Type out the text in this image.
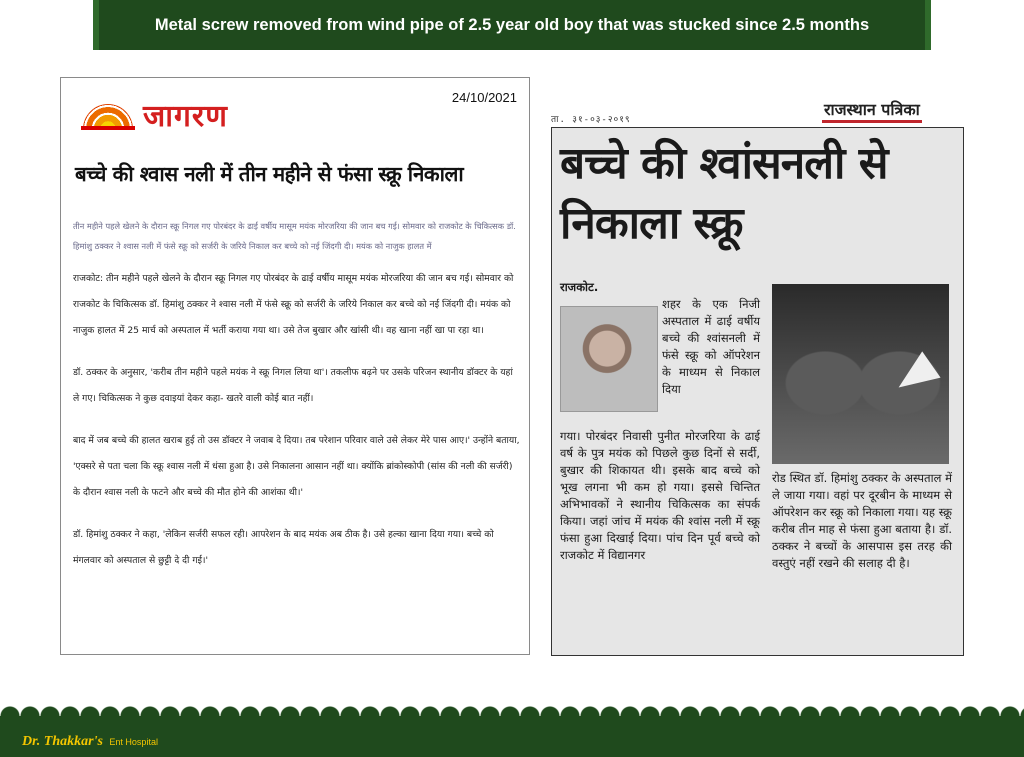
Metal screw removed from wind pipe of 2.5 year old boy that was stucked since 2.5 months
जागरण
24/10/2021
बच्चे की श्वास नली में तीन महीने से फंसा स्क्रू निकाला
तीन महीने पहले खेलने के दौरान स्क्रू निगल गए पोरबंदर के ढाई वर्षीय मासूम मयंक मोरजरिया की जान बच गई। सोमवार को राजकोट के चिकित्सक डॉ. हिमांशु ठक्कर ने श्वास नली में फंसे स्क्रू को सर्जरी के जरिये निकाल कर बच्चे को नई जिंदगी दी। मयंक को नाजुक हालत में

राजकोट: तीन महीने पहले खेलने के दौरान स्क्रू निगल गए पोरबंदर के ढाई वर्षीय मासूम मयंक मोरजरिया की जान बच गई। सोमवार को राजकोट के चिकित्सक डॉ. हिमांशु ठक्कर ने श्वास नली में फंसे स्क्रू को सर्जरी के जरिये निकाल कर बच्चे को नई जिंदगी दी। मयंक को नाजुक हालत में 25 मार्च को अस्पताल में भर्ती कराया गया था। उसे तेज बुखार और खांसी थी। वह खाना नहीं खा पा रहा था।

डॉ. ठक्कर के अनुसार, 'करीब तीन महीने पहले मयंक ने स्क्रू निगल लिया था'। तकलीफ बढ़ने पर उसके परिजन स्थानीय डॉक्टर के यहां ले गए। चिकित्सक ने कुछ दवाइयां देकर कहा- खतरे वाली कोई बात नहीं।

बाद में जब बच्चे की हालत खराब हुई तो उस डॉक्टर ने जवाब दे दिया। तब परेशान परिवार वाले उसे लेकर मेरे पास आए।' उन्होंने बताया, 'एक्सरे से पता चला कि स्क्रू श्वास नली में धंसा हुआ है। उसे निकालना आसान नहीं था। क्योंकि ब्रांकोस्कोपी (सांस की नली की सर्जरी) के दौरान श्वास नली के फटने और बच्चे की मौत होने की आशंका थी।'

डॉ. हिमांशु ठक्कर ने कहा, 'लेकिन सर्जरी सफल रही। आपरेशन के बाद मयंक अब ठीक है। उसे हल्का खाना दिया गया। बच्चे को मंगलवार को अस्पताल से छुट्टी दे दी गई।'

राजस्थान पत्रिका
ता. ३१-०३-२०१९
बच्चे की श्वांसनली से निकाला स्क्रू
राजकोट.
शहर के एक निजी अस्पताल में ढाई वर्षीय बच्चे की श्वांसनली में फंसे स्क्रू को ऑपरेशन के माध्यम से निकाल दिया
गया। पोरबंदर निवासी पुनीत मोरजरिया के ढाई वर्ष के पुत्र मयंक को पिछले कुछ दिनों से सर्दी, बुखार की शिकायत थी। इसके बाद बच्चे को भूख लगना भी कम हो गया। इससे चिन्तित अभिभावकों ने स्थानीय चिकित्सक का संपर्क किया। जहां जांच में मयंक की श्वांस नली में स्क्रू फंसा हुआ दिखाई दिया। पांच दिन पूर्व बच्चे को राजकोट में विद्यानगर
रोड स्थित डॉ. हिमांशु ठक्कर के अस्पताल में ले जाया गया। वहां पर दूरबीन के माध्यम से ऑपरेशन कर स्क्रू को निकाला गया। यह स्क्रू करीब तीन माह से फंसा हुआ बताया है। डॉ. ठक्कर ने बच्चों के आसपास इस तरह की वस्तुएं नहीं रखने की सलाह दी है।
Dr. Thakkar's Ent Hospital
